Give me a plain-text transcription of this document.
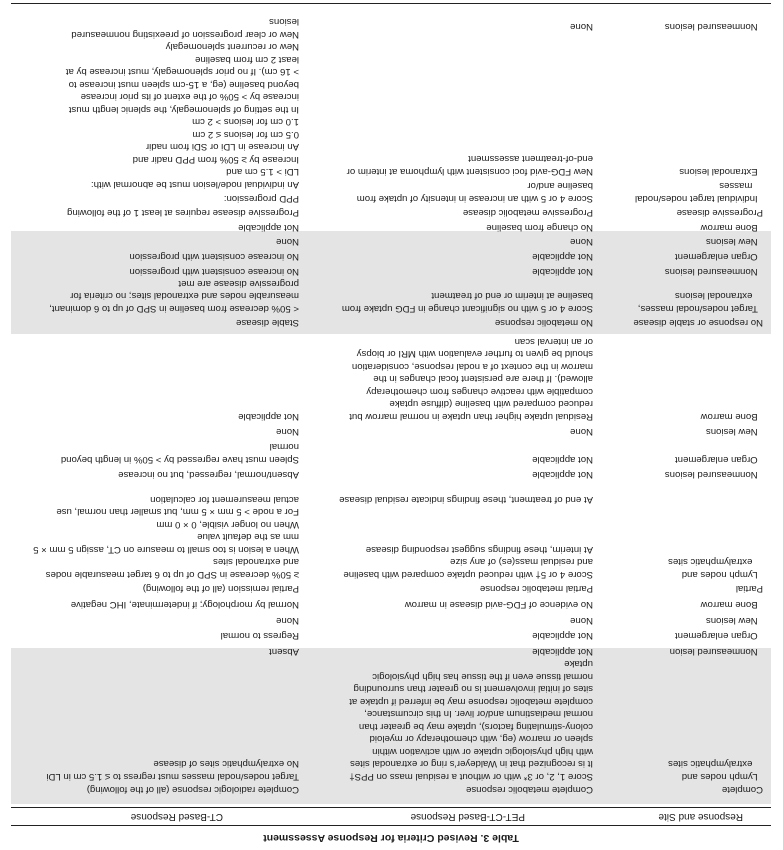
Table 3. Revised Criteria for Response Assessment
Response and Site
PET-CT-Based Response
CT-Based Response
Complete
Complete metabolic response
Complete radiologic response (all of the following)
Lymph nodes and
extralymphatic sites
Score 1, 2, or 3* with or without a residual mass on PPS†
It is recognized that in Waldeyer’s ring or extranodal sites
with high physiologic uptake or with activation within
spleen or marrow (eg, with chemotherapy or myeloid
colony-stimulating factors), uptake may be greater than
normal mediastinum and/or liver. In this circumstance,
complete metabolic response may be inferred if uptake at
sites of initial involvement is no greater than surrounding
normal tissue even if the tissue has high physiologic
uptake
Target nodes/nodal masses must regress to ≤ 1.5 cm in LDi
No extralymphatic sites of disease
Nonmeasured lesion
Not applicable
Absent
Organ enlargement
Not applicable
Regress to normal
New lesions
None
None
Bone marrow
No evidence of FDG-avid disease in marrow
Normal by morphology; if indeterminate, IHC negative
Partial
Partial metabolic response
Partial remission (all of the following)
Lymph nodes and
extralymphatic sites
Score 4 or 5† with reduced uptake compared with baseline
and residual mass(es) of any size
At interim, these findings suggest responding disease

At end of treatment, these findings indicate residual disease
≥ 50% decrease in SPD of up to 6 target measurable nodes
and extranodal sites
When a lesion is too small to measure on CT, assign 5 mm × 5
mm as the default value
When no longer visible, 0 × 0 mm
For a node > 5 mm × 5 mm, but smaller than normal, use
actual measurement for calculation
Nonmeasured lesions
Not applicable
Absent/normal, regressed, but no increase
Organ enlargement
Not applicable
Spleen must have regressed by > 50% in length beyond
normal
New lesions
None
None
Bone marrow
Residual uptake higher than uptake in normal marrow but
reduced compared with baseline (diffuse uptake
compatible with reactive changes from chemotherapy
allowed). If there are persistent focal changes in the
marrow in the context of a nodal response, consideration
should be given to further evaluation with MRI or biopsy
or an interval scan
Not applicable
No response or stable disease
No metabolic response
Stable disease
Target nodes/nodal masses,
extranodal lesions
Score 4 or 5 with no significant change in FDG uptake from
baseline at interim or end of treatment
< 50% decrease from baseline in SPD of up to 6 dominant,
measurable nodes and extranodal sites; no criteria for
progressive disease are met
Nonmeasured lesions
Not applicable
No increase consistent with progression
Organ enlargement
Not applicable
No increase consistent with progression
New lesions
None
None
Bone marrow
No change from baseline
Not applicable
Progressive disease
Progressive metabolic disease
Progressive disease requires at least 1 of the following
Individual target nodes/nodal
masses
Score 4 or 5 with an increase in intensity of uptake from
baseline and/or
PPD progression:
Extranodal lesions
New FDG-avid foci consistent with lymphoma at interim or
end-of-treatment assessment
An individual node/lesion must be abnormal with:
LDi > 1.5 cm and
Increase by ≥ 50% from PPD nadir and
An increase in LDi or SDi from nadir
0.5 cm for lesions ≤ 2 cm
1.0 cm for lesions > 2 cm
In the setting of splenomegaly, the splenic length must
increase by > 50% of the extent of its prior increase
beyond baseline (eg, a 15-cm spleen must increase to
> 16 cm). If no prior splenomegaly, must increase by at
least 2 cm from baseline
New or recurrent splenomegaly
Nonmeasured lesions
None
New or clear progression of preexisting nonmeasured
lesions
